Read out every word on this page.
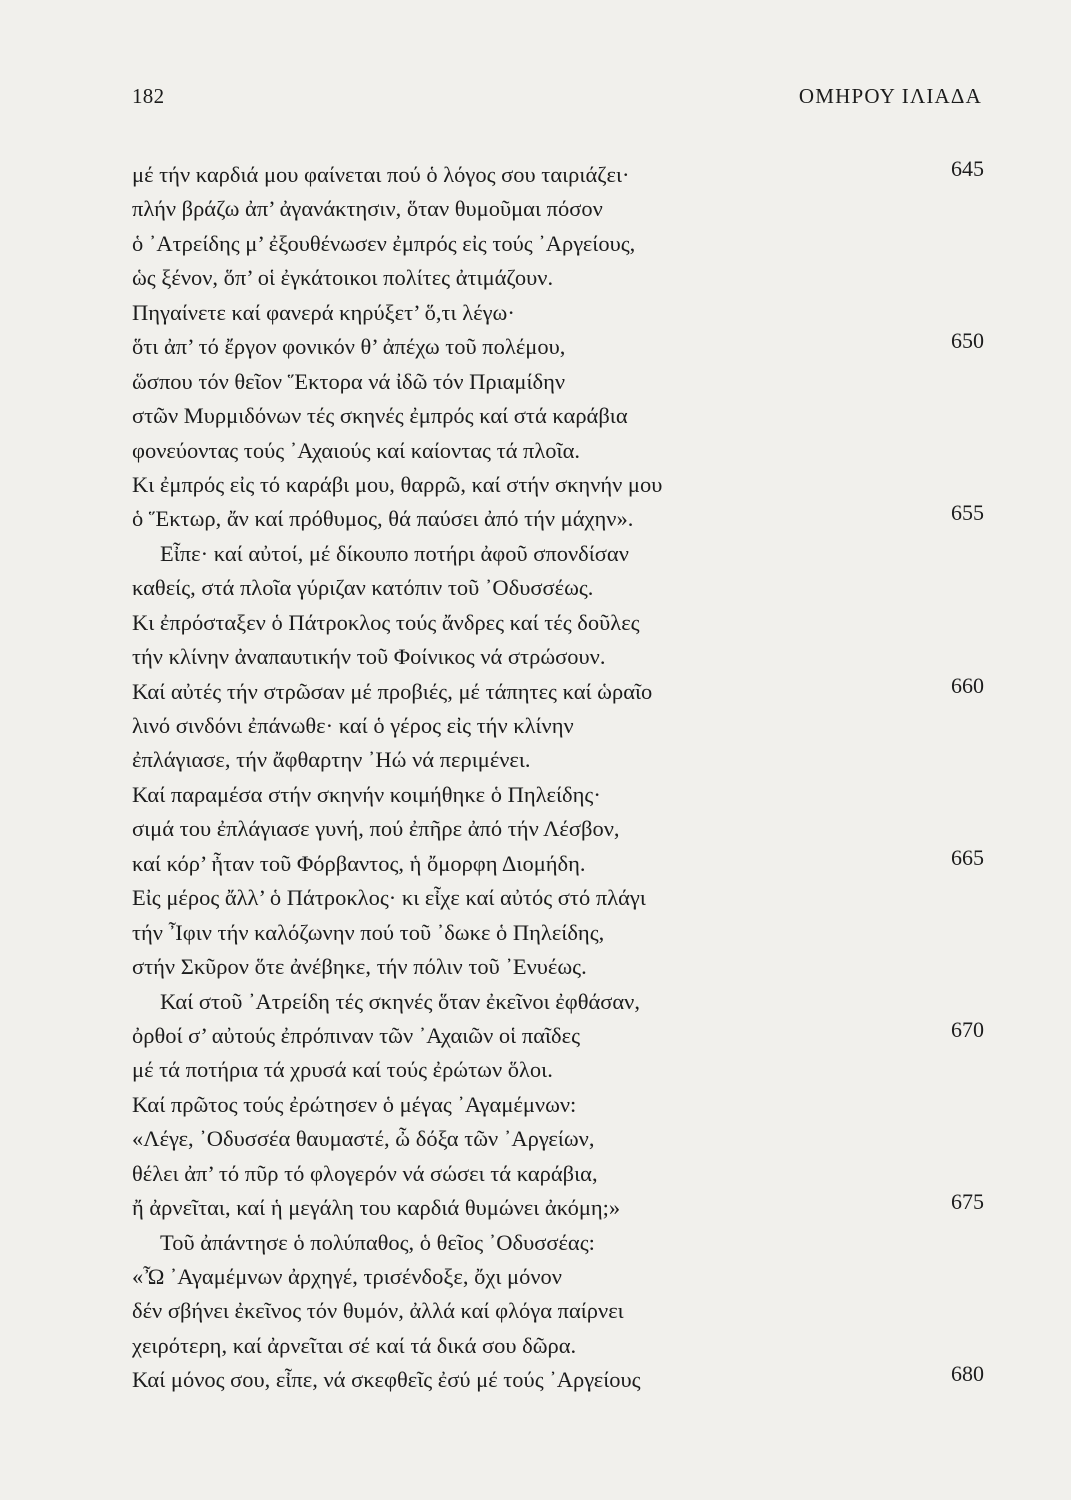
182	ΟΜΗΡΟΥ ΙΛΙΑΔΑ
μέ τήν καρδιά μου φαίνεται πού ὁ λόγος σου ταιριάζει·	645
πλήν βράζω ἀπ’ ἀγανάκτησιν, ὅταν θυμοῦμαι πόσον
ὁ ᾿Ατρείδης μ’ ἐξουθένωσεν ἐμπρός εἰς τούς ᾿Αργείους,
ὡς ξένον, ὅπ’ οἱ ἐγκάτοικοι πολίτες ἀτιμάζουν.
Πηγαίνετε καί φανερά κηρύξετ’ ὅ,τι λέγω·
ὅτι ἀπ’ τό ἔργον φονικόν θ’ ἀπέχω τοῦ πολέμου,	650
ὥσπου τόν θεῖον Ἕκτορα νά ἰδῶ τόν Πριαμίδην
στῶν Μυρμιδόνων τές σκηνές ἐμπρός καί στά καράβια
φονεύοντας τούς ᾿Αχαιούς καί καίοντας τά πλοῖα.
Κι ἐμπρός εἰς τό καράβι μου, θαρρῶ, καί στήν σκηνήν μου
ὁ Ἕκτωρ, ἄν καί πρόθυμος, θά παύσει ἀπό τήν μάχην».	655
Εἶπε· καί αὐτοί, μέ δίκουπο ποτήρι ἀφοῦ σπονδίσαν
καθείς, στά πλοῖα γύριζαν κατόπιν τοῦ ᾿Οδυσσέως.
Κι ἐπρόσταξεν ὁ Πάτροκλος τούς ἄνδρες καί τές δοῦλες
τήν κλίνην ἀναπαυτικήν τοῦ Φοίνικος νά στρώσουν.
Καί αὐτές τήν στρῶσαν μέ προβιές, μέ τάπητες καί ὡραῖο	660
λινό σινδόνι ἐπάνωθε· καί ὁ γέρος εἰς τήν κλίνην
ἐπλάγιασε, τήν ἄφθαρτην ᾿Ηώ νά περιμένει.
Καί παραμέσα στήν σκηνήν κοιμήθηκε ὁ Πηλείδης·
σιμά του ἐπλάγιασε γυνή, πού ἐπῆρε ἀπό τήν Λέσβον,
καί κόρ’ ἦταν τοῦ Φόρβαντος, ἡ ὄμορφη Διομήδη.	665
Εἰς μέρος ἄλλ’ ὁ Πάτροκλος· κι εἶχε καί αὐτός στό πλάγι
τήν Ἶφιν τήν καλόζωνην πού τοῦ ᾿δωκε ὁ Πηλείδης,
στήν Σκῦρον ὅτε ἀνέβηκε, τήν πόλιν τοῦ ᾿Ενυέως.
Καί στοῦ ᾿Ατρείδη τές σκηνές ὅταν ἐκεῖνοι ἐφθάσαν,
ὀρθοί σ’ αὐτούς ἐπρόπιναν τῶν ᾿Αχαιῶν οἱ παῖδες	670
μέ τά ποτήρια τά χρυσά καί τούς ἐρώτων ὅλοι.
Καί πρῶτος τούς ἐρώτησεν ὁ μέγας ᾿Αγαμέμνων:
«Λέγε, ᾿Οδυσσέα θαυμαστέ, ὦ δόξα τῶν ᾿Αργείων,
θέλει ἀπ’ τό πῦρ τό φλογερόν νά σώσει τά καράβια,
ἤ ἀρνεῖται, καί ἡ μεγάλη του καρδιά θυμώνει ἀκόμη;»	675
Τοῦ ἀπάντησε ὁ πολύπαθος, ὁ θεῖος ᾿Οδυσσέας:
«Ὦ ᾿Αγαμέμνων ἀρχηγέ, τρισένδοξε, ὄχι μόνον
δέν σβήνει ἐκεῖνος τόν θυμόν, ἀλλά καί φλόγα παίρνει
χειρότερη, καί ἀρνεῖται σέ καί τά δικά σου δῶρα.
Καί μόνος σου, εἶπε, νά σκεφθεῖς ἐσύ μέ τούς ᾿Αργείους	680
